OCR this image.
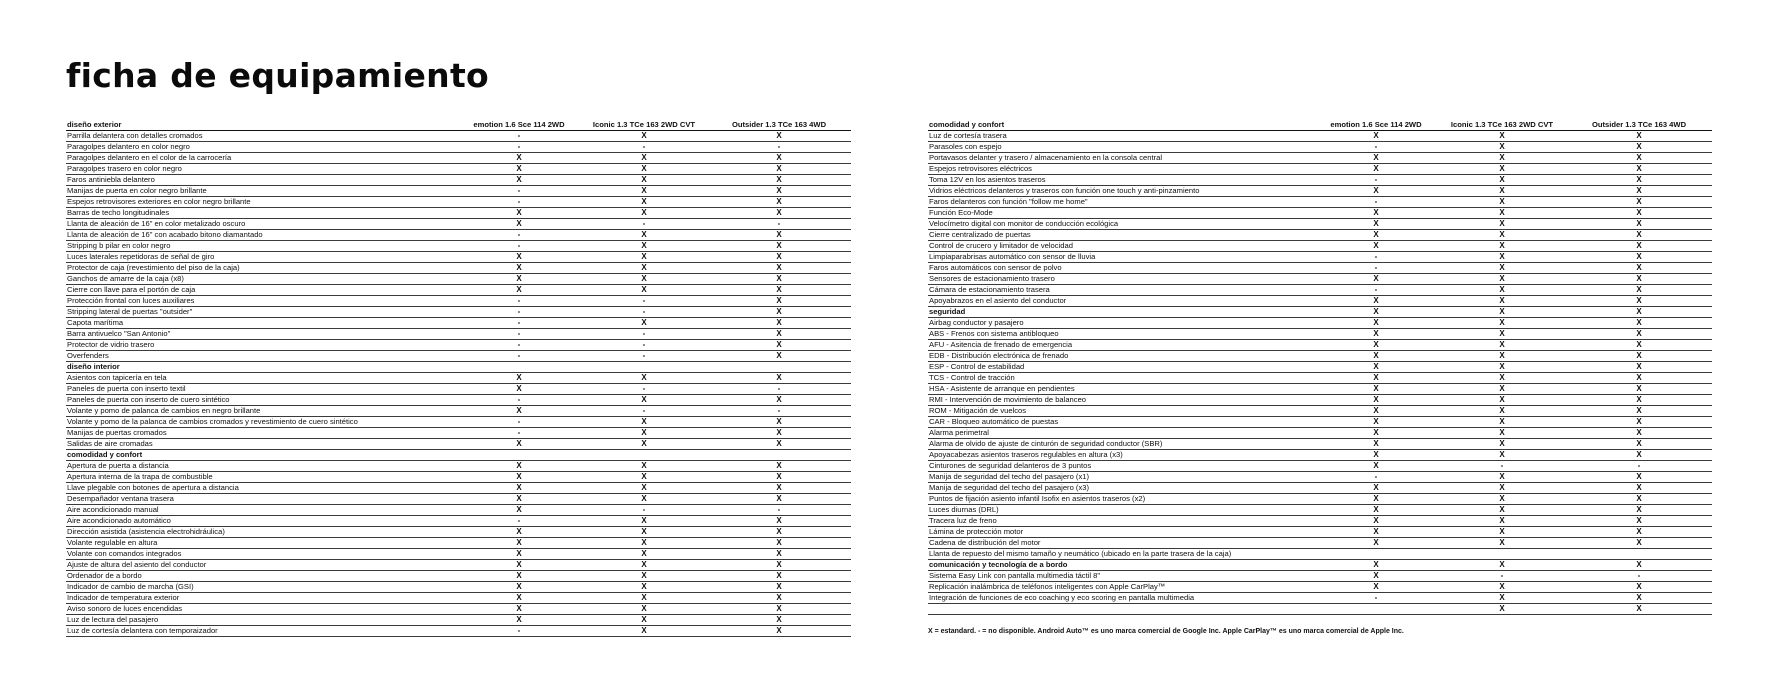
ficha de equipamiento
diseño exterior	emotion 1.6 Sce 114 2WD	Iconic 1.3 TCe 163 2WD CVT	Outsider 1.3 TCe 163 4WD
Parrilla delantera con detalles cromados	-	X	X
Paragolpes delantero en color negro	-	-	-
Paragolpes delantero en el color de la carrocería	X	X	X
Paragolpes trasero en color negro	X	X	X
Faros antiniebla delantero	X	X	X
Manijas de puerta en color negro brillante	-	X	X
Espejos retrovisores exteriores en color negro brillante	-	X	X
Barras de techo longitudinales	X	X	X
Llanta de aleación de 16" en color metalizado oscuro	X	-	-
Llanta de aleación de 16" con acabado bitono diamantado	-	X	X
Stripping b pilar en color negro	-	X	X
Luces laterales repetidoras de señal de giro	X	X	X
Protector de caja (revestimiento del piso de la caja)	X	X	X
Ganchos de amarre de la caja (x8)	X	X	X
Cierre con llave para el portón de caja	X	X	X
Protección frontal con luces auxiliares	-	-	X
Stripping lateral de puertas "outsider"	-	-	X
Capota marítima	-	X	X
Barra antivuelco "San Antonio"	-	-	X
Protector de vidrio trasero	-	-	X
Overfenders	-	-	X
diseño interior			
Asientos con tapicería en tela	X	X	X
Paneles de puerta con inserto textil	X	-	-
Paneles de puerta con inserto de cuero sintético	-	X	X
Volante y pomo de palanca de cambios en negro brillante	X	-	-
Volante y pomo de la palanca de cambios cromados y revestimiento de cuero sintético	-	X	X
Manijas de puertas cromados	-	X	X
Salidas de aire cromadas	X	X	X
comodidad y confort			
Apertura de puerta a distancia	X	X	X
Apertura interna de la trapa de combustible	X	X	X
Llave plegable con botones de apertura a distancia	X	X	X
Desempañador ventana trasera	X	X	X
Aire acondicionado manual	X	-	-
Aire acondicionado automático	-	X	X
Dirección asistida (asistencia electrohidráulica)	X	X	X
Volante regulable en altura	X	X	X
Volante con comandos integrados	X	X	X
Ajuste de altura del asiento del conductor	X	X	X
Ordenador de a bordo	X	X	X
Indicador de cambio de marcha (GSI)	X	X	X
Indicador de temperatura exterior	X	X	X
Aviso sonoro de luces encendidas	X	X	X
Luz de lectura del pasajero	X	X	X
Luz de cortesía delantera con temporaizador	-	X	X
comodidad y confort	emotion 1.6 Sce 114 2WD	Iconic 1.3 TCe 163 2WD CVT	Outsider 1.3 TCe 163 4WD
Luz de cortesía trasera	X	X	X
Parasoles con espejo	-	X	X
Portavasos delanter y trasero / almacenamiento en la consola central	X	X	X
Espejos retrovisores eléctricos	X	X	X
Toma 12V en los asientos traseros	-	X	X
Vidrios eléctricos delanteros y traseros con función one touch y anti-pinzamiento	X	X	X
Faros delanteros con función "follow me home"	-	X	X
Función Eco-Mode	X	X	X
Velocímetro digital con monitor de conducción ecológica	X	X	X
Cierre centralizado de puertas	X	X	X
Control de crucero y limitador de velocidad	X	X	X
Limpiaparabrisas automático con sensor de lluvia	-	X	X
Faros automáticos con sensor de polvo	-	X	X
Sensores de estacionamiento trasero	X	X	X
Cámara de estacionamiento trasera	-	X	X
Apoyabrazos en el asiento del conductor	X	X	X
seguridad	X	X	X
Airbag conductor y pasajero	X	X	X
ABS - Frenos con sistema antibloqueo	X	X	X
AFU - Asitencia de frenado de emergencia	X	X	X
EDB - Distribución electrónica de frenado	X	X	X
ESP - Control de estabilidad	X	X	X
TCS - Control de tracción	X	X	X
HSA - Asistente de arranque en pendientes	X	X	X
RMI - Intervención de movimiento de balanceo	X	X	X
ROM - Mitigación de vuelcos	X	X	X
CAR - Bloqueo automático de puestas	X	X	X
Alarma perimetral	X	X	X
Alarma de olvido de ajuste de cinturón de seguridad conductor (SBR)	X	X	X
Apoyacabezas asientos traseros regulables en altura (x3)	X	X	X
Cinturones de seguridad delanteros de 3 puntos	X	-	-
Manija de seguridad del techo del pasajero (x1)	-	X	X
Manija de seguridad del techo del pasajero (x3)	X	X	X
Puntos de fijación asiento infantil Isofix en asientos traseros (x2)	X	X	X
Luces diurnas (DRL)	X	X	X
Tracera luz de freno	X	X	X
Lámina de protección motor	X	X	X
Cadena de distribución del motor	X	X	X
Llanta de repuesto del mismo tamaño y neumático (ubicado en la parte trasera de la caja)			
comunicación y tecnología de a bordo	X	X	X
Sistema Easy Link con pantalla multimedia táctil 8"	X	-	-
Replicación inalámbrica de teléfonos inteligentes con Apple CarPlay™	X	X	X
Integración de funciones de eco coaching y eco scoring en pantalla multimedia	-	X	X
		X	X
X = estandard. - = no disponible. Android Auto™ es uno marca comercial de Google Inc. Apple CarPlay™ es uno marca comercial de Apple Inc.
